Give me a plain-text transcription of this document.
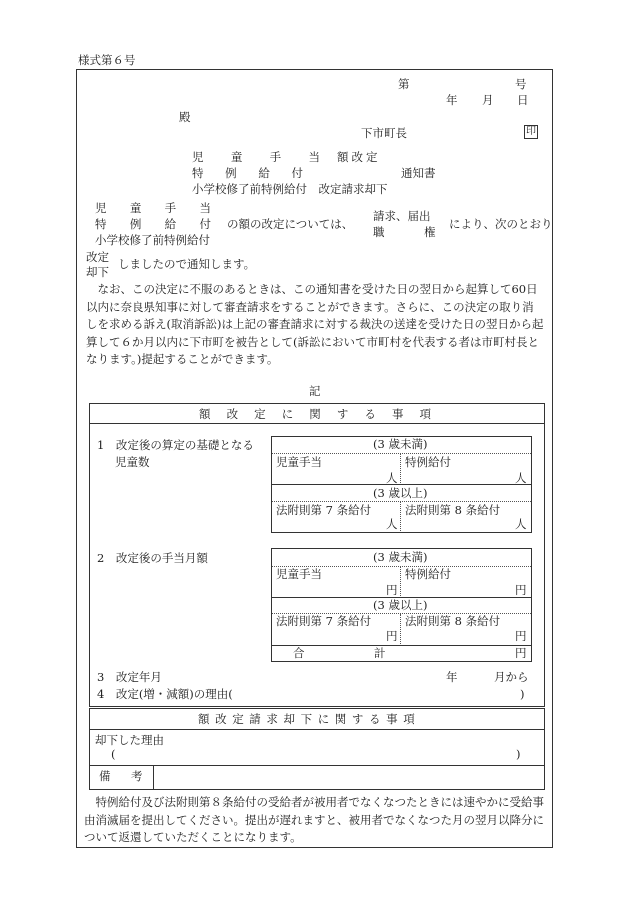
様式第６号
第	号
年 月 日
殿
下市町長	印
児 童 手 当 額改定
特 例 給 付	通知書
小学校修了前特例給付　改定請求却下
児 童 手 当
特 例 給 付
小学校修了前特例給付
の額の改定については、
請求、届出
職	権
により、次のとおり
改定
却下
しましたので通知します。
なお、この決定に不服のあるときは、この通知書を受けた日の翌日から起算して60日以内に奈良県知事に対して審査請求をすることができます。さらに、この決定の取り消しを求める訴え(取消訴訟)は上記の審査請求に対する裁決の送達を受けた日の翌日から起算して６か月以内に下市町を被告として(訴訟において市町村を代表する者は市町村長となります。)提起することができます。
記
額 改 定 に 関 す る 事 項
1　改定後の算定の基礎となる
児童数
(3 歳未満)
児童手当	特例給付
人	人
(3 歳以上)
法附則第 7 条給付	法附則第 8 条給付
人	人
2　改定後の手当月額	(3 歳未満)
児童手当	特例給付
円	円
(3 歳以上)
法附則第 7 条給付	法附則第 8 条給付
円	円
合	計	円
3　改定年月	年	月から
4　改定(増・減額)の理由(	)
額改定請求却下に関する事項
却下した理由
(	)
備 考
特例給付及び法附則第８条給付の受給者が被用者でなくなつたときには速やかに受給事由消滅届を提出してください。提出が遅れますと、被用者でなくなつた月の翌月以降分について返還していただくことになります。
